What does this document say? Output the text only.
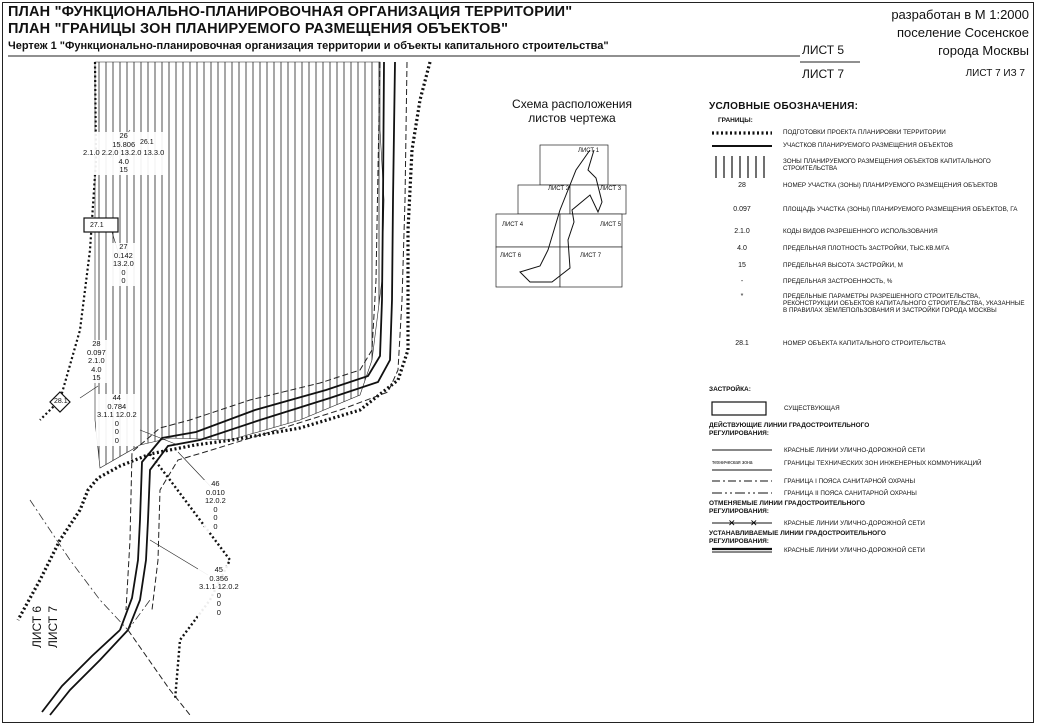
✕ ✕
ПЛАН "ФУНКЦИОНАЛЬНО-ПЛАНИРОВОЧНАЯ ОРГАНИЗАЦИЯ ТЕРРИТОРИИ"
ПЛАН "ГРАНИЦЫ ЗОН ПЛАНИРУЕМОГО РАЗМЕЩЕНИЯ ОБЪЕКТОВ"
Чертеж 1 "Функционально-планировочная организация территории и объекты капитального строительства"	ЛИСТ 5
ЛИСТ 7
разработан в М 1:2000
поселение Сосенское
города Москвы
ЛИСТ 7 ИЗ 7
26
15.806
2.1.0 2.2.0 13.2.0 13.3.0
4.0
15
26.1
27.1
27
0.142
13.2.0
0
0
28
0.097
2.1.0
4.0
15
28.1	44
0.784
3.1.1 12.0.2
0
0
0
46
0.010
12.0.2
0
0
0
45
0.356
3.1.1 12.0.2
0
0
0
ЛИСТ 6 ЛИСТ 7
Схема расположения
листов чертежа
ЛИСТ 1
ЛИСТ 2	ЛИСТ 3
ЛИСТ 4	ЛИСТ 5
ЛИСТ 6	ЛИСТ 7
УСЛОВНЫЕ ОБОЗНАЧЕНИЯ:
ГРАНИЦЫ:
ПОДГОТОВКИ ПРОЕКТА ПЛАНИРОВКИ ТЕРРИТОРИИ
УЧАСТКОВ ПЛАНИРУЕМОГО РАЗМЕЩЕНИЯ ОБЪЕКТОВ
ЗОНЫ ПЛАНИРУЕМОГО РАЗМЕЩЕНИЯ ОБЪЕКТОВ КАПИТАЛЬНОГО СТРОИТЕЛЬСТВА
28	НОМЕР УЧАСТКА (ЗОНЫ) ПЛАНИРУЕМОГО РАЗМЕЩЕНИЯ ОБЪЕКТОВ
0.097	ПЛОЩАДЬ УЧАСТКА (ЗОНЫ) ПЛАНИРУЕМОГО РАЗМЕЩЕНИЯ ОБЪЕКТОВ, ГА
2.1.0	КОДЫ ВИДОВ РАЗРЕШЕННОГО ИСПОЛЬЗОВАНИЯ
4.0	ПРЕДЕЛЬНАЯ ПЛОТНОСТЬ ЗАСТРОЙКИ, ТЫС.КВ.М/ГА
15	ПРЕДЕЛЬНАЯ ВЫСОТА ЗАСТРОЙКИ, М
-	ПРЕДЕЛЬНАЯ ЗАСТРОЕННОСТЬ, %
*	ПРЕДЕЛЬНЫЕ ПАРАМЕТРЫ РАЗРЕШЕННОГО СТРОИТЕЛЬСТВА, РЕКОНСТРУКЦИИ ОБЪЕКТОВ КАПИТАЛЬНОГО СТРОИТЕЛЬСТВА, УКАЗАННЫЕ В ПРАВИЛАХ ЗЕМЛЕПОЛЬЗОВАНИЯ И ЗАСТРОЙКИ ГОРОДА МОСКВЫ
28.1	НОМЕР ОБЪЕКТА КАПИТАЛЬНОГО СТРОИТЕЛЬСТВА
ЗАСТРОЙКА:
СУЩЕСТВУЮЩАЯ
ДЕЙСТВУЮЩИЕ ЛИНИИ ГРАДОСТРОИТЕЛЬНОГО РЕГУЛИРОВАНИЯ:
КРАСНЫЕ ЛИНИИ УЛИЧНО-ДОРОЖНОЙ СЕТИ
техническая зона	ГРАНИЦЫ ТЕХНИЧЕСКИХ ЗОН ИНЖЕНЕРНЫХ КОММУНИКАЦИЙ
ГРАНИЦА I ПОЯСА САНИТАРНОЙ ОХРАНЫ
ГРАНИЦА II ПОЯСА САНИТАРНОЙ ОХРАНЫ
ОТМЕНЯЕМЫЕ ЛИНИИ ГРАДОСТРОИТЕЛЬНОГО РЕГУЛИРОВАНИЯ:
КРАСНЫЕ ЛИНИИ УЛИЧНО-ДОРОЖНОЙ СЕТИ
УСТАНАВЛИВАЕМЫЕ ЛИНИИ ГРАДОСТРОИТЕЛЬНОГО РЕГУЛИРОВАНИЯ:
КРАСНЫЕ ЛИНИИ УЛИЧНО-ДОРОЖНОЙ СЕТИ
